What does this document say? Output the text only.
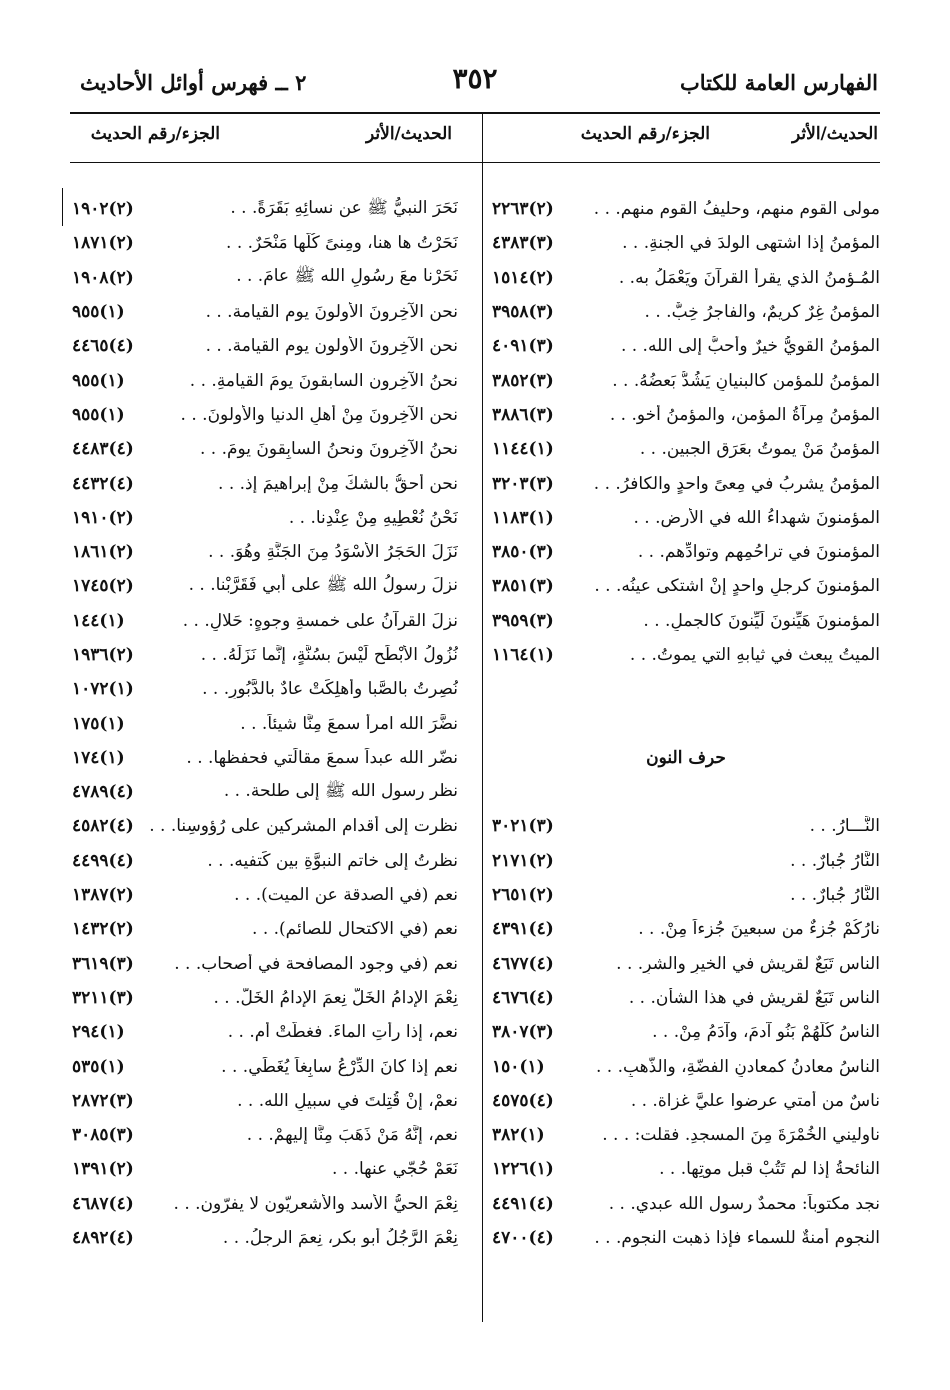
الفهارس العامة للكتاب
٣٥٢
٢ ــ فهرس أوائل الأحاديث
الحديث/الأثر
الجزء/رقم الحديث
الحديث/الأثر
الجزء/رقم الحديث
مولى القوم منهم، وحليفُ القومِ منهم. . .
(٢)٢٢٦٣
المؤمنُ إذا اشتهى الولدَ في الجنةِ. . .
(٣)٤٣٨٣
المُـؤمنُ الذي يقرأُ القرآنَ ويَعْمَلُ به. .
(٢)١٥١٤
المؤمنُ غِرٌ كريمٌ، والفاجرُ خِبٌّ. . .
(٣)٣٩٥٨
المؤمنُ القويُّ خيرٌ وأحبُّ إلى الله. . .
(٣)٤٠٩١
المؤمنُ للمؤمنِ كالبنيانِ يَشُدُّ بَعضُهُ. . .
(٣)٣٨٥٢
المؤمنُ مِرآةُ المؤمنِ، والمؤمنُ أخو. . .
(٣)٣٨٨٦
المؤمنُ مَنْ يموتُ بعَرَقِ الجبين. . .
(١)١١٤٤
المؤمنُ يشربُ في مِعىً واحدٍ والكافرُ. . .
(٣)٣٢٠٣
المؤمنونَ شهداءُ الله في الأرضِ. . .
(١)١١٨٣
المؤمنونَ في تراحُمِهم وتوادِّهم. . .
(٣)٣٨٥٠
المؤمنونَ كرجلٍ واحدٍ إنْ اشتكى عينُه. . .
(٣)٣٨٥١
المؤمنونَ هَيِّنونَ لَيِّنونَ كالجملِ. . .
(٣)٣٩٥٩
الميتُ يبعث في ثيابهِ التي يموتُ. . .
(١)١١٦٤
حرف النون
النَّـــارُ. . .
(٣)٣٠٢١
النَّارُ جُبارٌ. . .
(٢)٢١٧١
النَّارُ جُبارٌ. . .
(٢)٢٦٥١
نارُكُمْ جُزءٌ من سبعينَ جُزءاً مِنْ. . .
(٤)٤٣٩١
الناس تَبَعٌ لقريشٍ في الخيرِ والشرِ. . .
(٤)٤٦٧٧
الناس تَبَعٌ لقريشٍ في هذا الشأن. . .
(٤)٤٦٧٦
الناسُ كُلُّهُمْ بَنُو آدمَ، وآدَمُ مِنْ. . .
(٣)٣٨٠٧
الناسُ معادنُ كمعادنِ الفضّةِ، والذَّهبِ. . .
(١)١٥٠
ناسٌ من أمتي عرضوا عليَّ غزاة. . .
(٤)٤٥٧٥
ناوليني الخُمْرَةَ مِنَ المسجدِ. فقلت: . . .
(١)٣٨٢
النائحةُ إذا لم تَتُبْ قبل موتِها. . .
(١)١٢٢٦
نجد مكتوباً: محمدٌ رسول الله عبدي. . .
(٤)٤٤٩١
النجوم أمنةٌ للسماء فإذا ذهبت النجوم. . .
(٤)٤٧٠٠
نَحَرَ النبيُّ ﷺ عن نسائِهِ بَقَرَةً. . .
(٢)١٩٠٢
نَحَرْتُ ها هنا، ومِنىً كُلُّها مَنْحَرٌ. . .
(٢)١٨٧١
نَحَرْنا معَ رسُولِ الله ﷺ عامَ. . .
(٢)١٩٠٨
نحن الآخِرونَ الأولونَ يوم القيامة. . .
(١)٩٥٥
نحن الآخِرونَ الأولون يوم القيامة. . .
(٤)٤٤٦٥
نحنُ الآخِرون السابقونَ يومَ القيامةِ. . .
(١)٩٥٥
نحن الآخِرونَ مِنْ أهلِ الدنيا والأولونَ. . .
(١)٩٥٥
نحنُ الآخِرونَ ونحنُ السابِقونَ يومَ. . .
(٤)٤٤٨٣
نحن أحقُّ بالشكِّ مِنْ إبراهيمَ إذ. . .
(٤)٤٤٣٢
نَحْنُ نُعْطِيهِ مِنْ عِنْدِنا. . .
(٢)١٩١٠
نَزَلَ الحَجَرُ الأَسْوَدُ مِنَ الجَنَّةِ وهُوَ. . .
(٢)١٨٦١
نزلَ رسولُ الله ﷺ على أبي فَقَرَّبْنا. . .
(٢)١٧٤٥
نزلَ القرآنُ على خمسةِ وجوهٍ: حَلالٍ. . .
(١)١٤٤
نُزُولُ الأَبْطَحِ لَيْسَ بسُنَّةٍ، إنَّما نَزَلَهُ. . .
(٢)١٩٣٦
نُصِرتُ بالصَّبا وأُهلِكَتْ عادٌ بالدَّبُورِ. . .
(١)١٠٧٢
نضَّرَ الله امرأً سمعَ مِنَّا شيئاً. . .
(١)١٧٥
نضّر الله عبداً سمعَ مقالَتي فحفظها. . .
(١)١٧٤
نظر رسول الله ﷺ إلى طلحة. . .
(٤)٤٧٨٩
نظرت إلى أقدام المشركين على رُؤوسِنا. . .
(٤)٤٥٨٢
نظرتُ إلى خاتمِ النبوَّةِ بين كَتفيه. . .
(٤)٤٤٩٩
نعم (في الصدقة عن الميت). . .
(٢)١٣٨٧
نعم (في الاكتحال للصائم). . .
(٢)١٤٣٢
نعم (في وجود المصافحة في أصحاب. . .
(٣)٣٦١٩
نِعْمَ الإدامُ الخَلُّ نِعمَ الإدامُ الخَلُّ. . .
(٣)٣٢١١
نعم، إذا رأتِ الماءَ. فغطَّتْ أم. . .
(١)٢٩٤
نعم إذا كانَ الدِّرْعُ سابِغاً يُغَطِّي. . .
(١)٥٣٥
نعمْ، إنْ قُتِلتَ في سبيلِ الله. . .
(٣)٢٨٧٢
نعم، إنَّهُ مَنْ ذَهَبَ مِنَّا إليهِمْ. . .
(٣)٣٠٨٥
نَعَمْ حُجّي عنها. . .
(٢)١٣٩١
نِعْمَ الحيُّ الأسد والأشعريّون لا يفرّون. . .
(٤)٤٦٨٧
نِعْمَ الرَّجُلُ أبو بكر، نِعمَ الرجلُ. . .
(٤)٤٨٩٢
